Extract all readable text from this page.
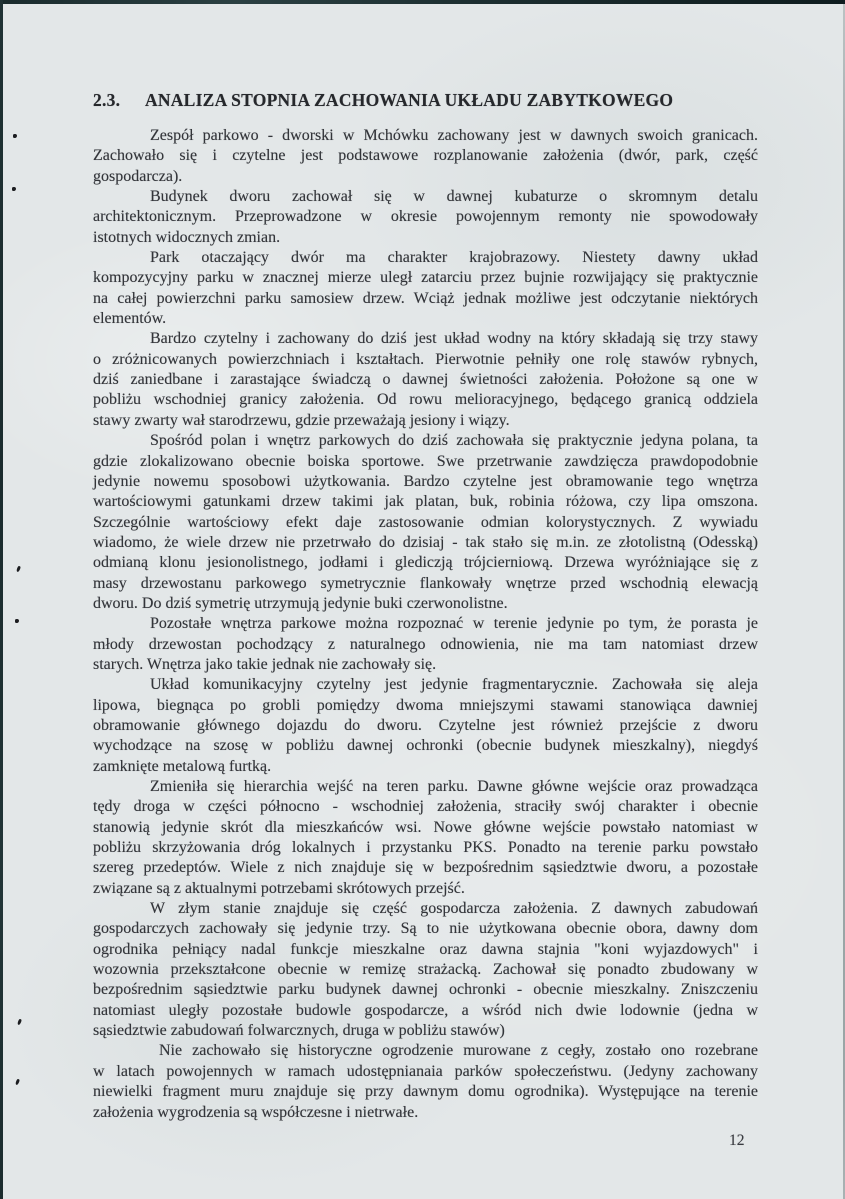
2.3.	ANALIZA STOPNIA ZACHOWANIA UKŁADU ZABYTKOWEGO
Zespół parkowo - dworski w Mchówku zachowany jest w dawnych swoich granicach.
Zachowało się i czytelne jest podstawowe rozplanowanie założenia (dwór, park, część
gospodarcza).
Budynek dworu zachował się w dawnej kubaturze o skromnym detalu
architektonicznym. Przeprowadzone w okresie powojennym remonty nie spowodowały
istotnych widocznych zmian.
Park otaczający dwór ma charakter krajobrazowy. Niestety dawny układ
kompozycyjny parku w znacznej mierze uległ zatarciu przez bujnie rozwijający się praktycznie
na całej powierzchni parku samosiew drzew. Wciąż jednak możliwe jest odczytanie niektórych
elementów.
Bardzo czytelny i zachowany do dziś jest układ wodny na który składają się trzy stawy
o zróżnicowanych powierzchniach i kształtach. Pierwotnie pełniły one rolę stawów rybnych,
dziś zaniedbane i zarastające świadczą o dawnej świetności założenia. Położone są one w
pobliżu wschodniej granicy założenia. Od rowu melioracyjnego, będącego granicą oddziela
stawy zwarty wał starodrzewu, gdzie przeważają jesiony i wiązy.
Spośród polan i wnętrz parkowych do dziś zachowała się praktycznie jedyna polana, ta
gdzie zlokalizowano obecnie boiska sportowe. Swe przetrwanie zawdzięcza prawdopodobnie
jedynie nowemu sposobowi użytkowania. Bardzo czytelne jest obramowanie tego wnętrza
wartościowymi gatunkami drzew takimi jak platan, buk, robinia różowa, czy lipa omszona.
Szczególnie wartościowy efekt daje zastosowanie odmian kolorystycznych. Z wywiadu
wiadomo, że wiele drzew nie przetrwało do dzisiaj - tak stało się m.in. ze złotolistną (Odesską)
odmianą klonu jesionolistnego, jodłami i glediczją trójcierniową. Drzewa wyróżniające się z
masy drzewostanu parkowego symetrycznie flankowały wnętrze przed wschodnią elewacją
dworu. Do dziś symetrię utrzymują jedynie buki czerwonolistne.
Pozostałe wnętrza parkowe można rozpoznać w terenie jedynie po tym, że porasta je
młody drzewostan pochodzący z naturalnego odnowienia, nie ma tam natomiast drzew
starych. Wnętrza jako takie jednak nie zachowały się.
Układ komunikacyjny czytelny jest jedynie fragmentarycznie. Zachowała się aleja
lipowa, biegnąca po grobli pomiędzy dwoma mniejszymi stawami stanowiąca dawniej
obramowanie głównego dojazdu do dworu. Czytelne jest również przejście z dworu
wychodzące na szosę w pobliżu dawnej ochronki (obecnie budynek mieszkalny), niegdyś
zamknięte metalową furtką.
Zmieniła się hierarchia wejść na teren parku. Dawne główne wejście oraz prowadząca
tędy droga w części północno - wschodniej założenia, straciły swój charakter i obecnie
stanowią jedynie skrót dla mieszkańców wsi. Nowe główne wejście powstało natomiast w
pobliżu skrzyżowania dróg lokalnych i przystanku PKS. Ponadto na terenie parku powstało
szereg przedeptów. Wiele z nich znajduje się w bezpośrednim sąsiedztwie dworu, a pozostałe
związane są z aktualnymi potrzebami skrótowych przejść.
W złym stanie znajduje się część gospodarcza założenia. Z dawnych zabudowań
gospodarczych zachowały się jedynie trzy. Są to nie użytkowana obecnie obora, dawny dom
ogrodnika pełniący nadal funkcje mieszkalne oraz dawna stajnia "koni wyjazdowych" i
wozownia przekształcone obecnie w remizę strażacką. Zachował się ponadto zbudowany w
bezpośrednim sąsiedztwie parku budynek dawnej ochronki - obecnie mieszkalny. Zniszczeniu
natomiast uległy pozostałe budowle gospodarcze, a wśród nich dwie lodownie (jedna w
sąsiedztwie zabudowań folwarcznych, druga w pobliżu stawów)
Nie zachowało się historyczne ogrodzenie murowane z cegły, zostało ono rozebrane
w latach powojennych w ramach udostępnianaia parków społeczeństwu. (Jedyny zachowany
niewielki fragment muru znajduje się przy dawnym domu ogrodnika). Występujące na terenie
założenia wygrodzenia są współczesne i nietrwałe.
12
